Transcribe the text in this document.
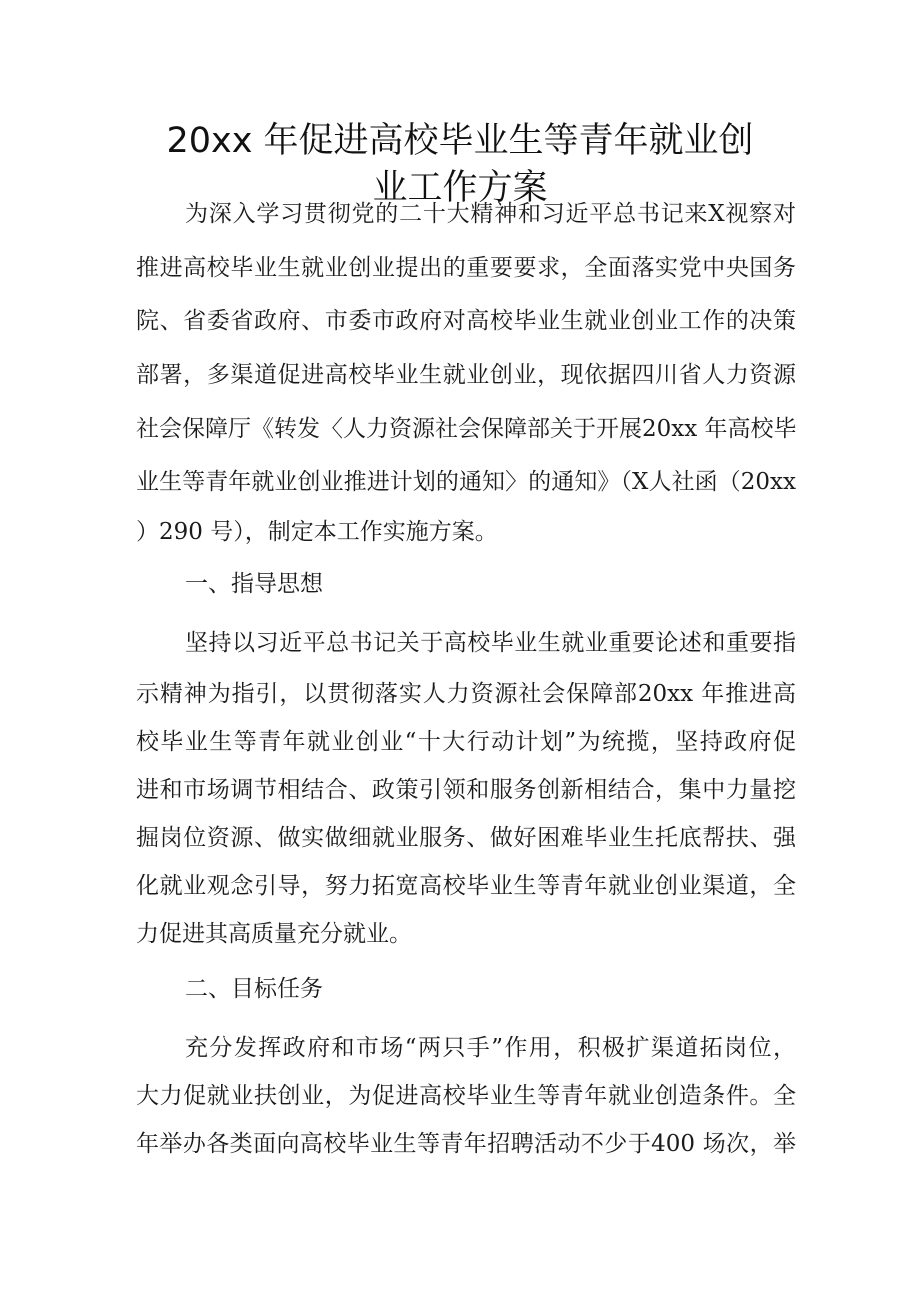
20xx 年促进高校毕业生等青年就业创
业工作方案
为深入学习贯彻党的二十大精神和习近平总书记来X视察对
推进高校毕业生就业创业提出的重要要求，全面落实党中央国务
院、省委省政府、市委市政府对高校毕业生就业创业工作的决策
部署，多渠道促进高校毕业生就业创业，现依据四川省人力资源
社会保障厅《转发〈人力资源社会保障部关于开展20xx 年高校毕
业生等青年就业创业推进计划的通知〉的通知》（X人社函（20xx
）290 号），制定本工作实施方案。
一、指导思想
坚持以习近平总书记关于高校毕业生就业重要论述和重要指
示精神为指引，以贯彻落实人力资源社会保障部20xx 年推进高
校毕业生等青年就业创业“十大行动计划”为统揽，坚持政府促
进和市场调节相结合、政策引领和服务创新相结合，集中力量挖
掘岗位资源、做实做细就业服务、做好困难毕业生托底帮扶、强
化就业观念引导，努力拓宽高校毕业生等青年就业创业渠道，全
力促进其高质量充分就业。
二、目标任务
充分发挥政府和市场“两只手”作用，积极扩渠道拓岗位，
大力促就业扶创业，为促进高校毕业生等青年就业创造条件。全
年举办各类面向高校毕业生等青年招聘活动不少于400 场次，举
